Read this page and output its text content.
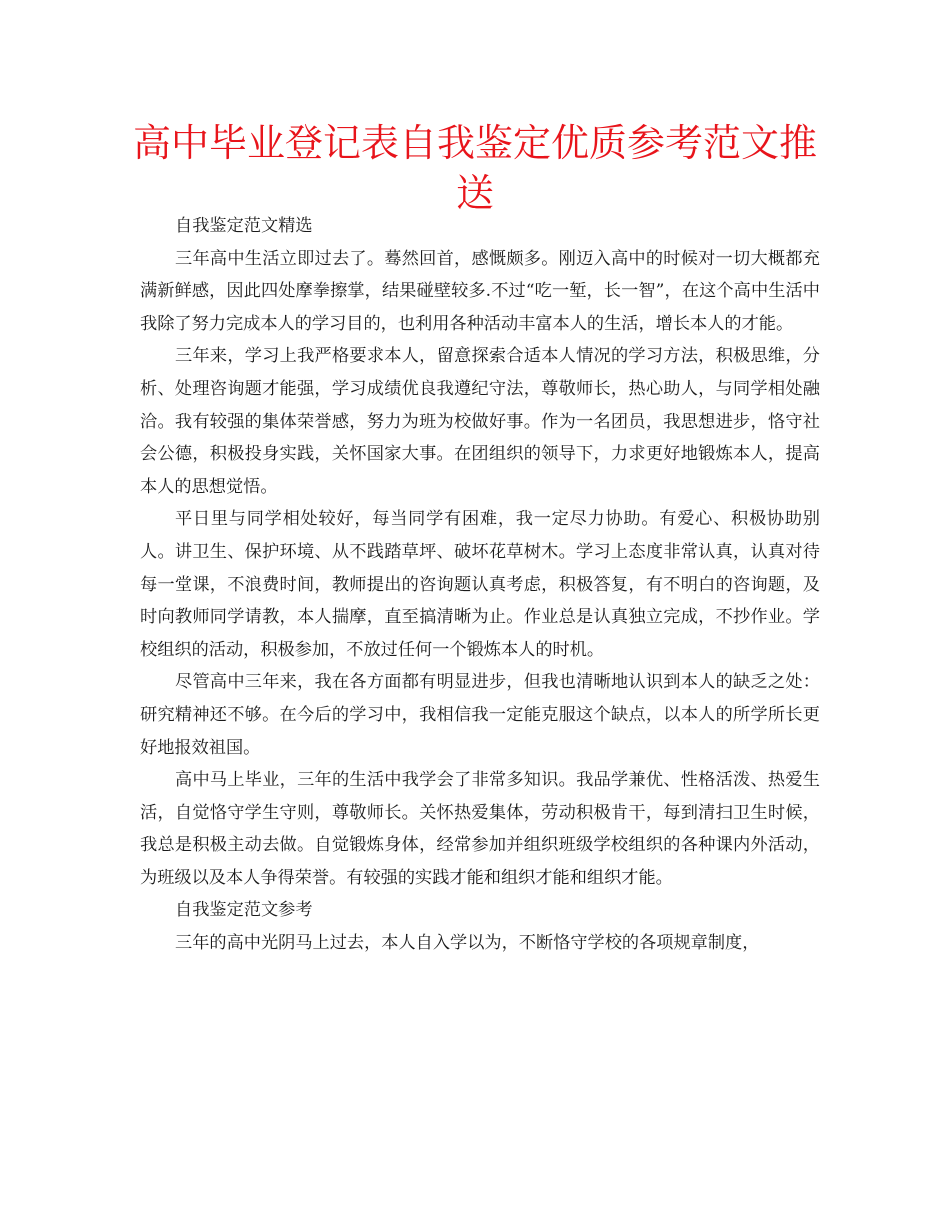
高中毕业登记表自我鉴定优质参考范文推送

自我鉴定范文精选

三年高中生活立即过去了。蓦然回首，感慨颇多。刚迈入高中的时候对一切大概都充满新鲜感，因此四处摩拳擦掌，结果碰壁较多.不过“吃一堑，长一智”，在这个高中生活中我除了努力完成本人的学习目的，也利用各种活动丰富本人的生活，增长本人的才能。

三年来，学习上我严格要求本人，留意探索合适本人情况的学习方法，积极思维，分析、处理咨询题才能强，学习成绩优良我遵纪守法，尊敬师长，热心助人，与同学相处融洽。我有较强的集体荣誉感，努力为班为校做好事。作为一名团员，我思想进步，恪守社会公德，积极投身实践，关怀国家大事。在团组织的领导下，力求更好地锻炼本人，提高本人的思想觉悟。

平日里与同学相处较好，每当同学有困难，我一定尽力协助。有爱心、积极协助别人。讲卫生、保护环境、从不践踏草坪、破坏花草树木。学习上态度非常认真，认真对待每一堂课，不浪费时间，教师提出的咨询题认真考虑，积极答复，有不明白的咨询题，及时向教师同学请教，本人揣摩，直至搞清晰为止。作业总是认真独立完成，不抄作业。学校组织的活动，积极参加，不放过任何一个锻炼本人的时机。

尽管高中三年来，我在各方面都有明显进步，但我也清晰地认识到本人的缺乏之处：研究精神还不够。在今后的学习中，我相信我一定能克服这个缺点，以本人的所学所长更好地报效祖国。

高中马上毕业，三年的生活中我学会了非常多知识。我品学兼优、性格活泼、热爱生活，自觉恪守学生守则，尊敬师长。关怀热爱集体，劳动积极肯干，每到清扫卫生时候，我总是积极主动去做。自觉锻炼身体，经常参加并组织班级学校组织的各种课内外活动，为班级以及本人争得荣誉。有较强的实践才能和组织才能和组织才能。

自我鉴定范文参考

三年的高中光阴马上过去，本人自入学以为，不断恪守学校的各项规章制度，
